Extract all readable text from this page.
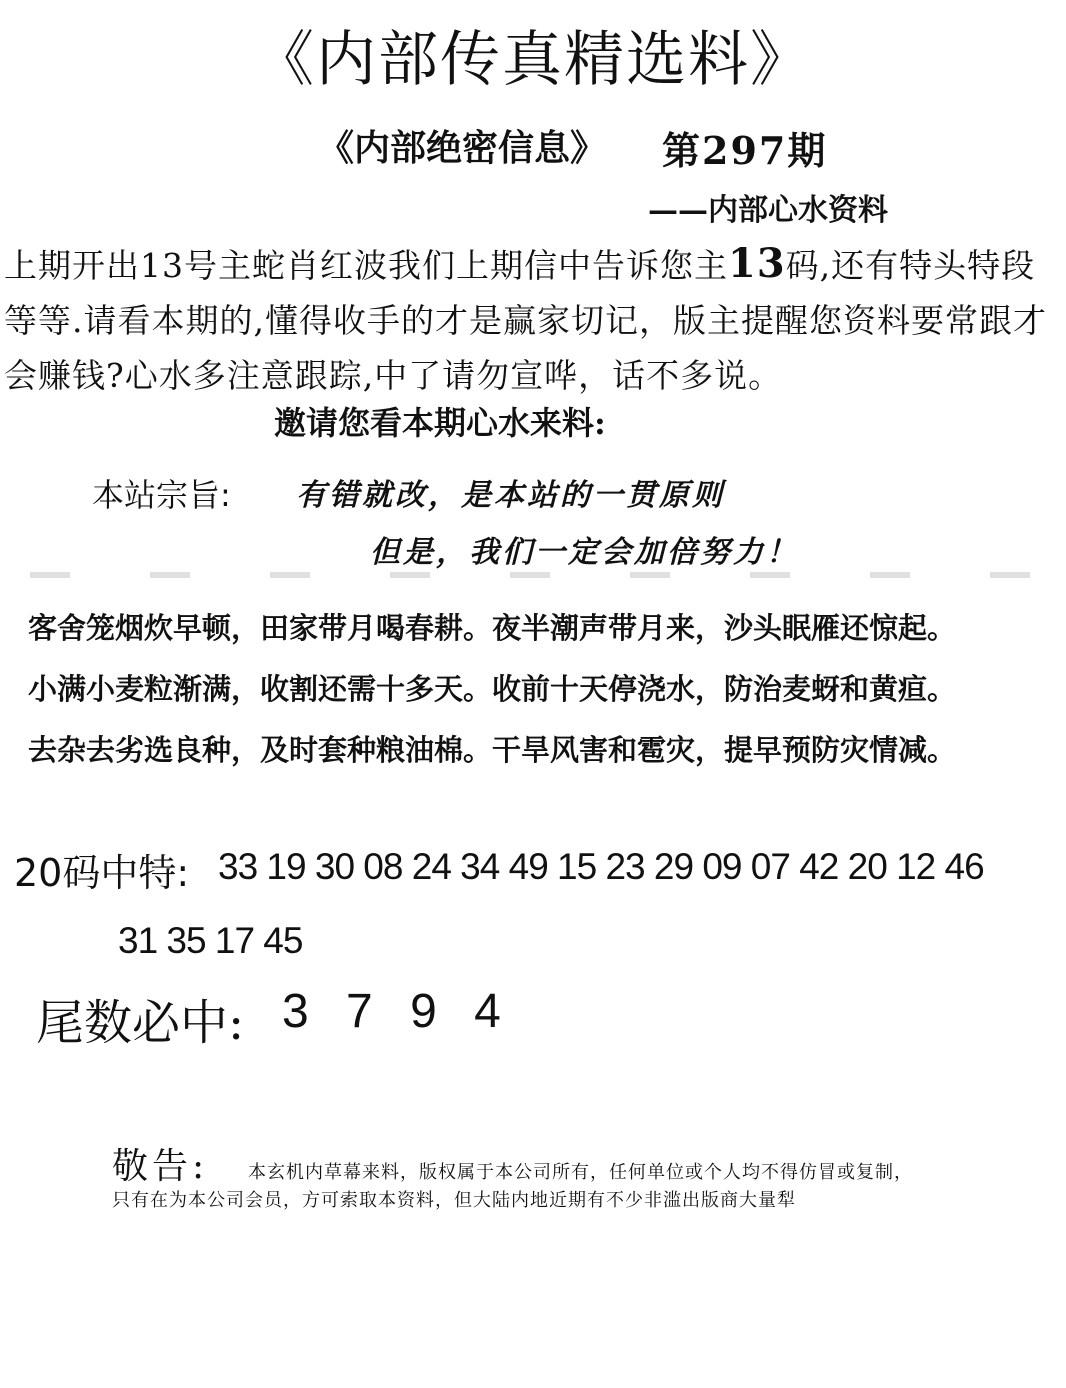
《内部传真精选料》
《内部绝密信息》 第297期
——内部心水资料
上期开出13号主蛇肖红波我们上期信中告诉您主13码,还有特头特段等等.请看本期的,懂得收手的才是赢家切记，版主提醒您资料要常跟才会赚钱?心水多注意跟踪,中了请勿宣哗，话不多说。
邀请您看本期心水来料:
本站宗旨: 有错就改，是本站的一贯原则
但是，我们一定会加倍努力！
客舍笼烟炊早顿，田家带月喝春耕。夜半潮声带月来，沙头眠雁还惊起。
小满小麦粒渐满，收割还需十多天。收前十天停浇水，防治麦蚜和黄疸。
去杂去劣选良种，及时套种粮油棉。干旱风害和雹灾，提早预防灾情减。
20码中特: 33 19 30 08 24 34 49 15 23 29 09 07 42 20 12 46
31 35 17 45
尾数必中: 3 7 9 4
敬告: 本玄机内草幕来料，版权属于本公司所有，任何单位或个人均不得仿冒或复制，
只有在为本公司会员，方可索取本资料，但大陆内地近期有不少非滥出版商大量犁
